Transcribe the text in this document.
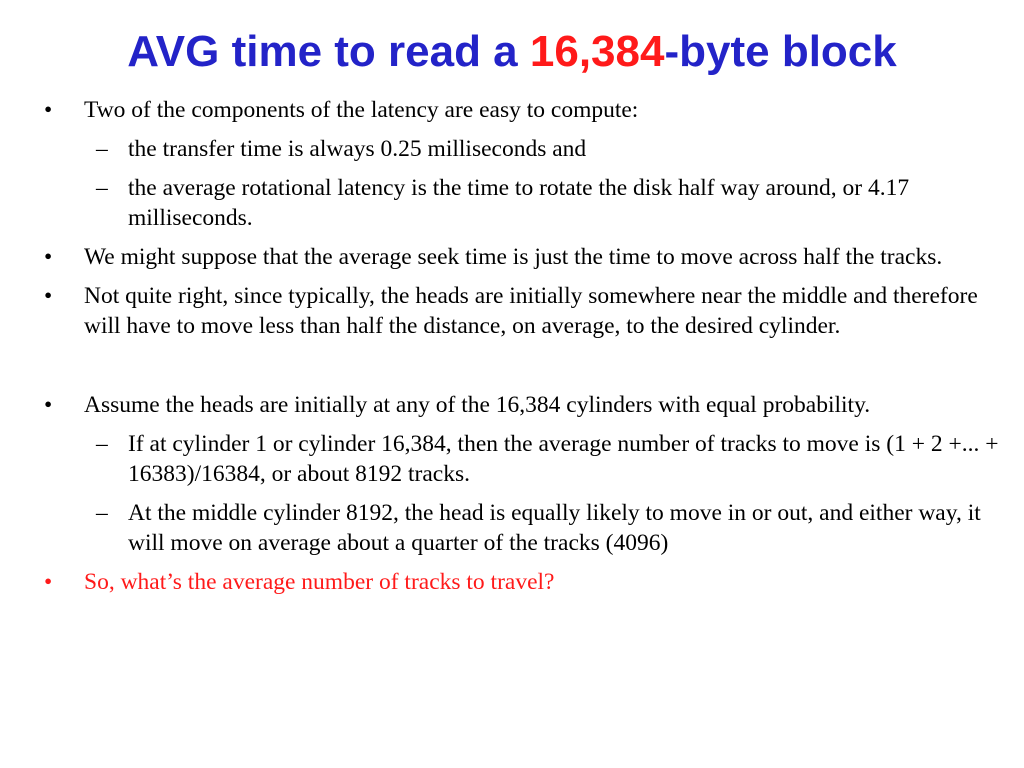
AVG time to read a 16,384-byte block
• Two of the components of the latency are easy to compute:
– the transfer time is always 0.25 milliseconds and
– the average rotational latency is the time to rotate the disk half way around, or 4.17 milliseconds.
• We might suppose that the average seek time is just the time to move across half the tracks.
• Not quite right, since typically, the heads are initially somewhere near the middle and therefore will have to move less than half the distance, on average, to the desired cylinder.
• Assume the heads are initially at any of the 16,384 cylinders with equal probability.
– If at cylinder 1 or cylinder 16,384, then the average number of tracks to move is (1 + 2 +... + 16383)/16384, or about 8192 tracks.
– At the middle cylinder 8192, the head is equally likely to move in or out, and either way, it will move on average about a quarter of the tracks (4096)
• So, what’s the average number of tracks to travel?
